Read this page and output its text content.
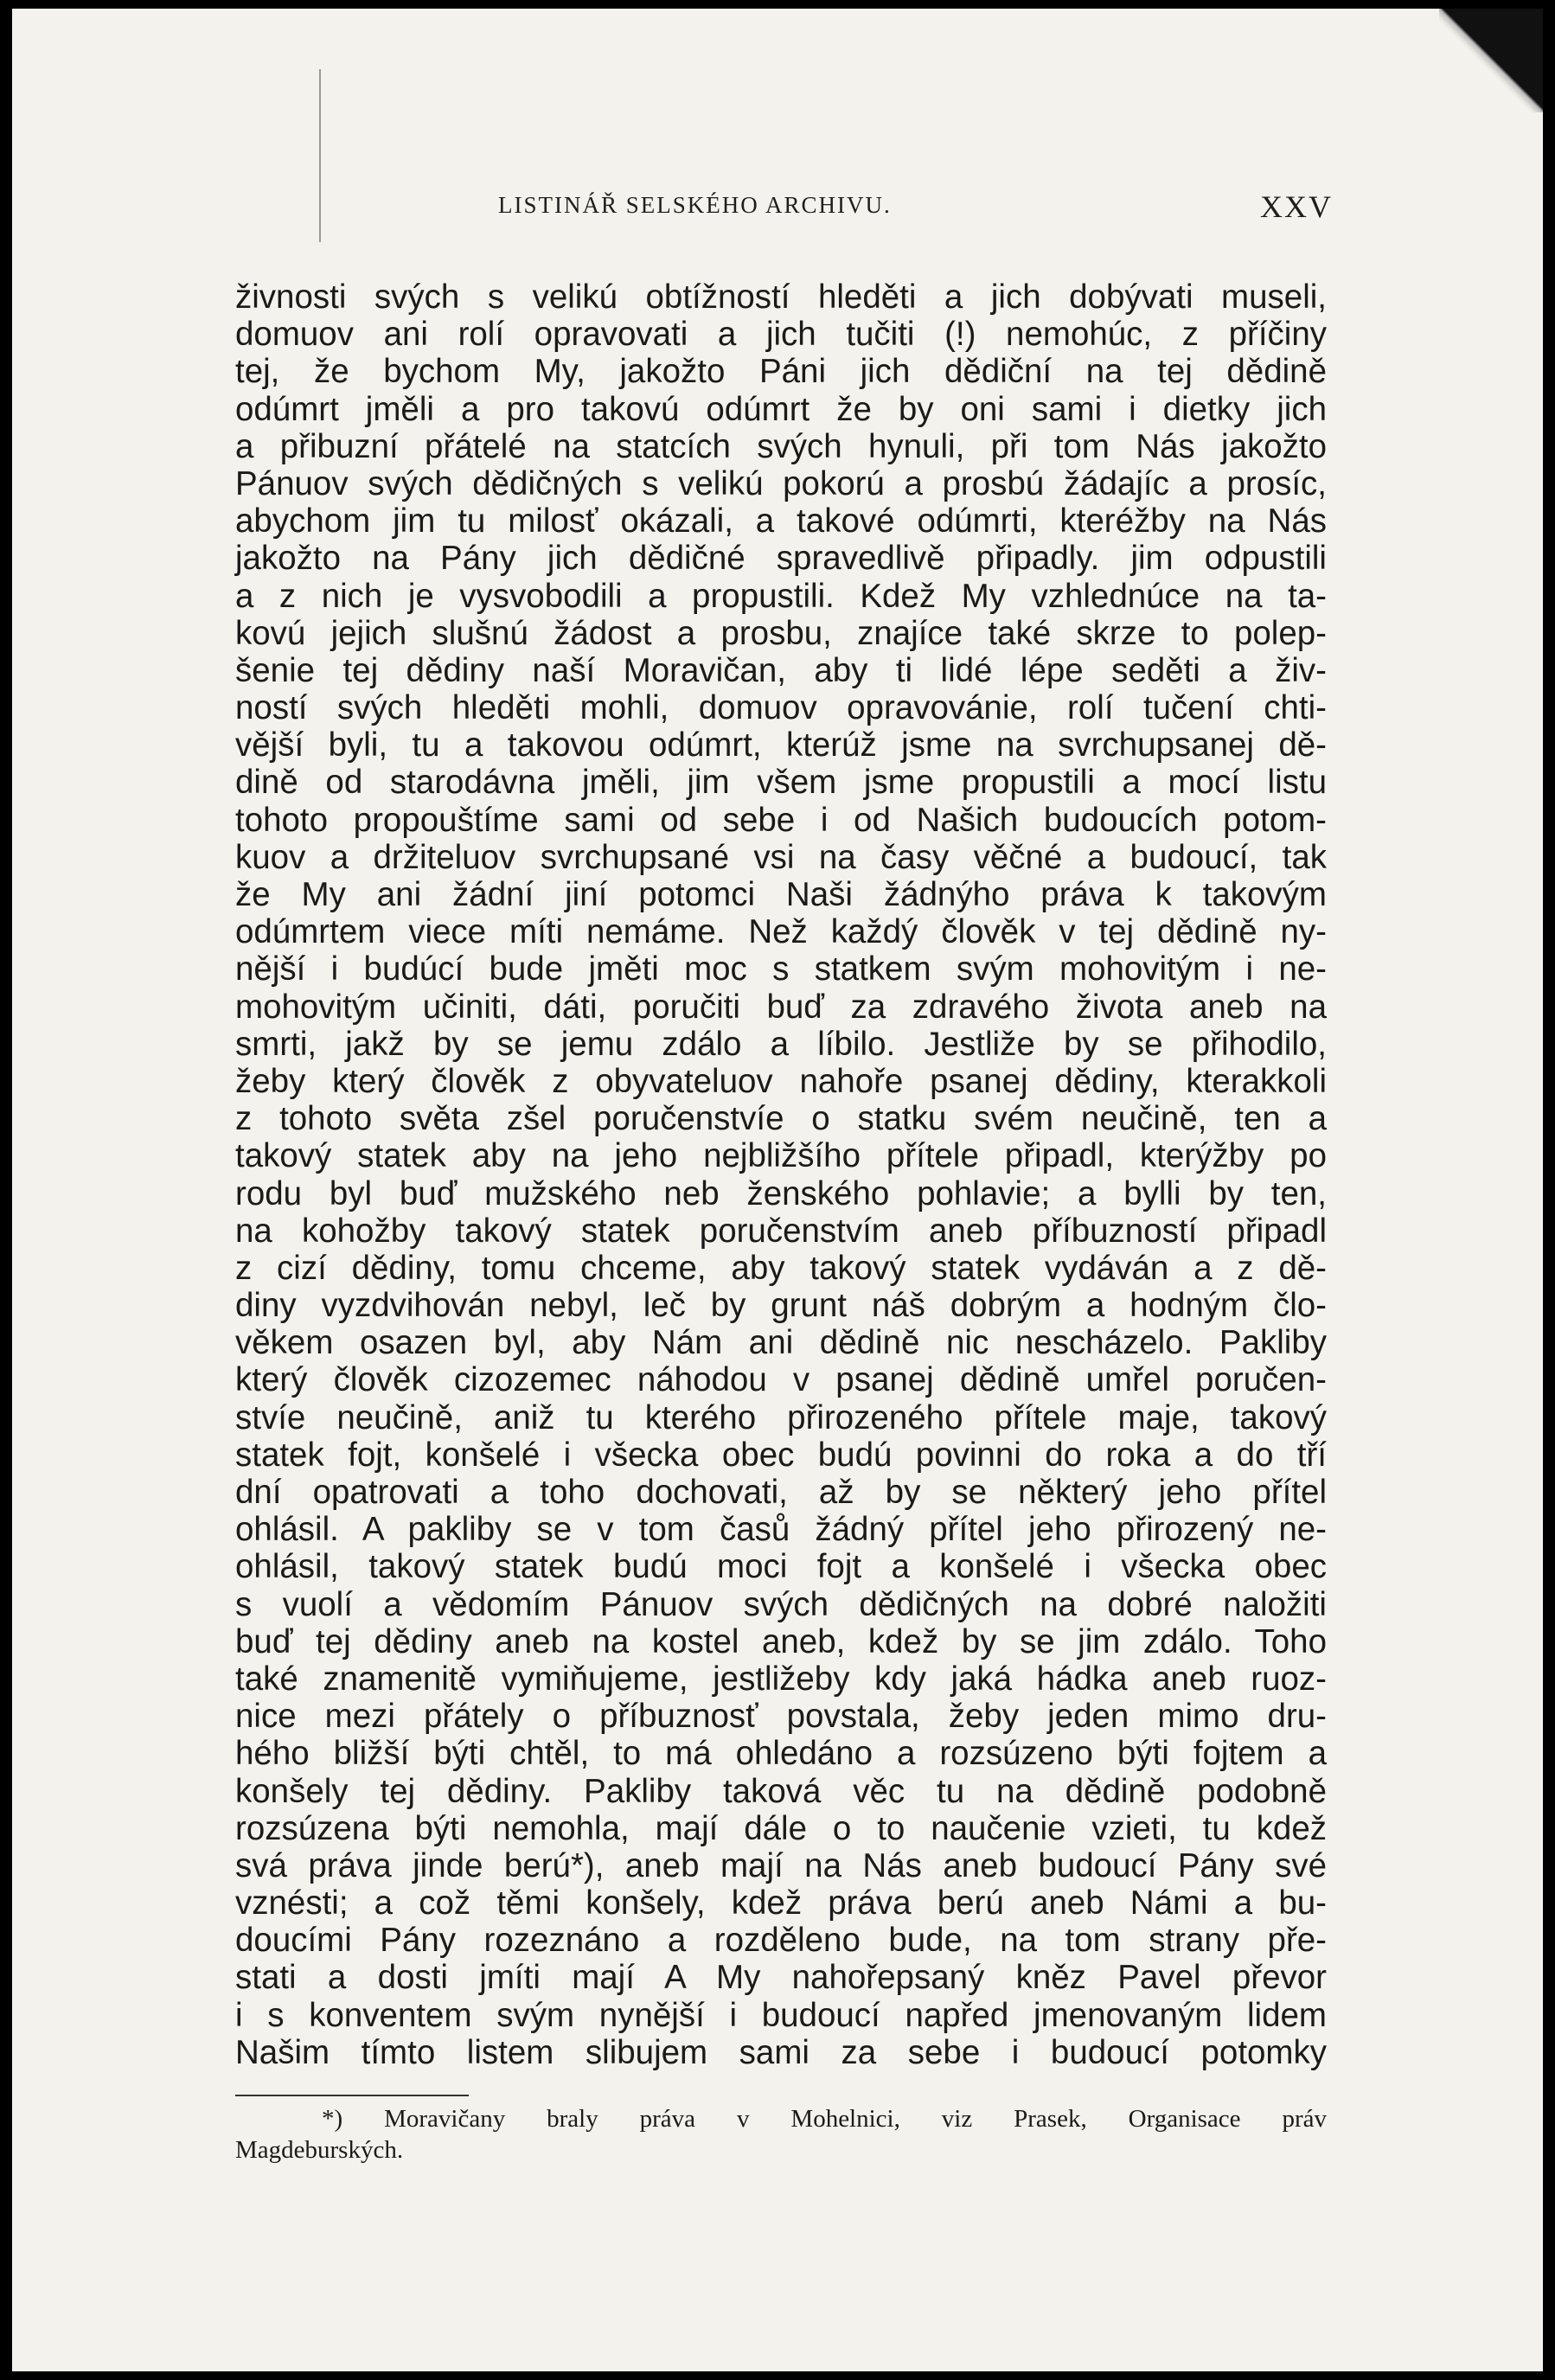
LISTINÁŘ SELSKÉHO ARCHIVU.	XXV
živnosti svých s velikú obtížností hleděti a jich dobývati museli,
domuov ani rolí opravovati a jich tučiti (!) nemohúc, z příčiny
tej, že bychom My, jakožto Páni jich dědiční na tej dědině
odúmrt jměli a pro takovú odúmrt že by oni sami i dietky jich
a přibuzní přátelé na statcích svých hynuli, při tom Nás jakožto
Pánuov svých dědičných s velikú pokorú a prosbú žádajíc a prosíc,
abychom jim tu milosť okázali, a takové odúmrti, kteréžby na Nás
jakožto na Pány jich dědičné spravedlivě připadly. jim odpustili
a z nich je vysvobodili a propustili. Kdež My vzhlednúce na ta-
kovú jejich slušnú žádost a prosbu, znajíce také skrze to polep-
šenie tej dědiny naší Moravičan, aby ti lidé lépe seděti a živ-
ností svých hleděti mohli, domuov opravovánie, rolí tučení chti-
vější byli, tu a takovou odúmrt, kterúž jsme na svrchupsanej dě-
dině od starodávna jměli, jim všem jsme propustili a mocí listu
tohoto propouštíme sami od sebe i od Našich budoucích potom-
kuov a držiteluov svrchupsané vsi na časy věčné a budoucí, tak
že My ani žádní jiní potomci Naši žádnýho práva k takovým
odúmrtem viece míti nemáme. Než každý člověk v tej dědině ny-
nější i budúcí bude jměti moc s statkem svým mohovitým i ne-
mohovitým učiniti, dáti, poručiti buď za zdravého života aneb na
smrti, jakž by se jemu zdálo a líbilo. Jestliže by se přihodilo,
žeby který člověk z obyvateluov nahoře psanej dědiny, kterakkoli
z tohoto světa zšel poručenstvíe o statku svém neučině, ten a
takový statek aby na jeho nejbližšího přítele připadl, kterýžby po
rodu byl buď mužského neb ženského pohlavie; a bylli by ten,
na kohožby takový statek poručenstvím aneb příbuzností připadl
z cizí dědiny, tomu chceme, aby takový statek vydáván a z dě-
diny vyzdvihován nebyl, leč by grunt náš dobrým a hodným člo-
věkem osazen byl, aby Nám ani dědině nic nescházelo. Pakliby
který člověk cizozemec náhodou v psanej dědině umřel poručen-
stvíe neučině, aniž tu kterého přirozeného přítele maje, takový
statek fojt, konšelé i všecka obec budú povinni do roka a do tří
dní opatrovati a toho dochovati, až by se některý jeho přítel
ohlásil. A pakliby se v tom časů žádný přítel jeho přirozený ne-
ohlásil, takový statek budú moci fojt a konšelé i všecka obec
s vuolí a vědomím Pánuov svých dědičných na dobré naložiti
buď tej dědiny aneb na kostel aneb, kdež by se jim zdálo. Toho
také znamenitě vymiňujeme, jestližeby kdy jaká hádka aneb ruoz-
nice mezi přátely o příbuznosť povstala, žeby jeden mimo dru-
hého bližší býti chtěl, to má ohledáno a rozsúzeno býti fojtem a
konšely tej dědiny. Pakliby taková věc tu na dědině podobně
rozsúzena býti nemohla, mají dále o to naučenie vzieti, tu kdež
svá práva jinde berú*), aneb mají na Nás aneb budoucí Pány své
vznésti; a což těmi konšely, kdež práva berú aneb Námi a bu-
doucími Pány rozeznáno a rozděleno bude, na tom strany pře-
stati a dosti jmíti mají A My nahořepsaný kněz Pavel převor
i s konventem svým nynější i budoucí napřed jmenovaným lidem
Našim tímto listem slibujem sami za sebe i budoucí potomky
*) Moravičany braly práva v Mohelnici, viz Prasek, Organisace práv
Magdeburských.
